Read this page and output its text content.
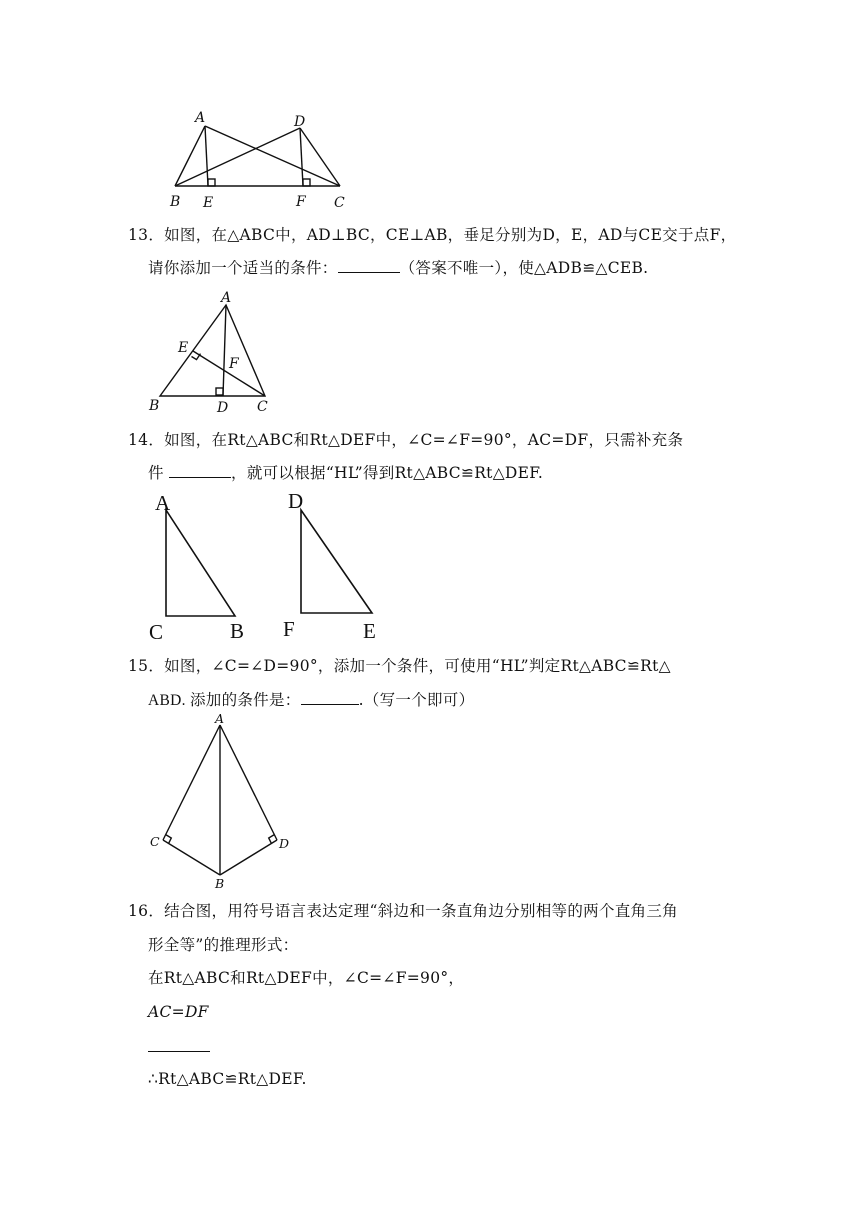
A
B E
D
F C
13．如图，在△ABC中，AD⊥BC，CE⊥AB，垂足分别为D，E，AD与CE交于点F，
请你添加一个适当的条件：	（答案不唯一），使△ADB≌△CEB.
A
B	D C
E
F
14．如图，在Rt△ABC和Rt△DEF中，∠C=∠F=90°，AC=DF，只需补充条
件	，就可以根据“HL”得到Rt△ABC≌Rt△DEF.
A
C	B
D
F	E
15．如图，∠C=∠D=90°，添加一个条件，可使用“HL”判定Rt△ABC≌Rt△
ABD. 添加的条件是：	.（写一个即可）
A
C	D
B
16．结合图，用符号语言表达定理“斜边和一条直角边分别相等的两个直角三角
形全等”的推理形式：
在Rt△ABC和Rt△DEF中，∠C=∠F=90°，
AC=DF
∴Rt△ABC≌Rt△DEF.
